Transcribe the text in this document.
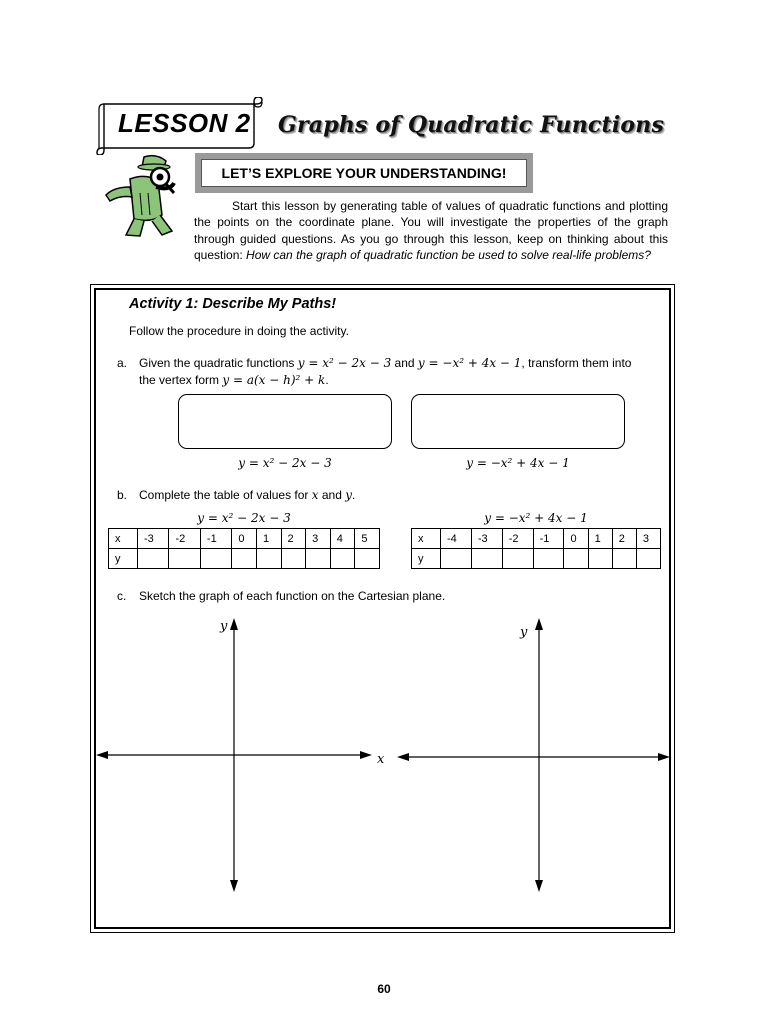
LESSON 2 Graphs of Quadratic Functions
LET’S EXPLORE YOUR UNDERSTANDING!
Start this lesson by generating table of values of quadratic functions and plotting the points on the coordinate plane. You will investigate the properties of the graph through guided questions. As you go through this lesson, keep on thinking about this question: How can the graph of quadratic function be used to solve real-life problems?
Activity 1: Describe My Paths!
Follow the procedure in doing the activity.
a. Given the quadratic functions y = x² − 2x − 3 and y = −x² + 4x − 1, transform them into
the vertex form y = a(x − h)² + k.
y = x² − 2x − 3	y = −x² + 4x − 1
b. Complete the table of values for x and y.
y = x² − 2x − 3	y = −x² + 4x − 1
x	-3	-2	-1	0	1	2	3	4	5
y									
x	-4	-3	-2	-1	0	1	2	3
y								
c. Sketch the graph of each function on the Cartesian plane.
y
x
y
60
